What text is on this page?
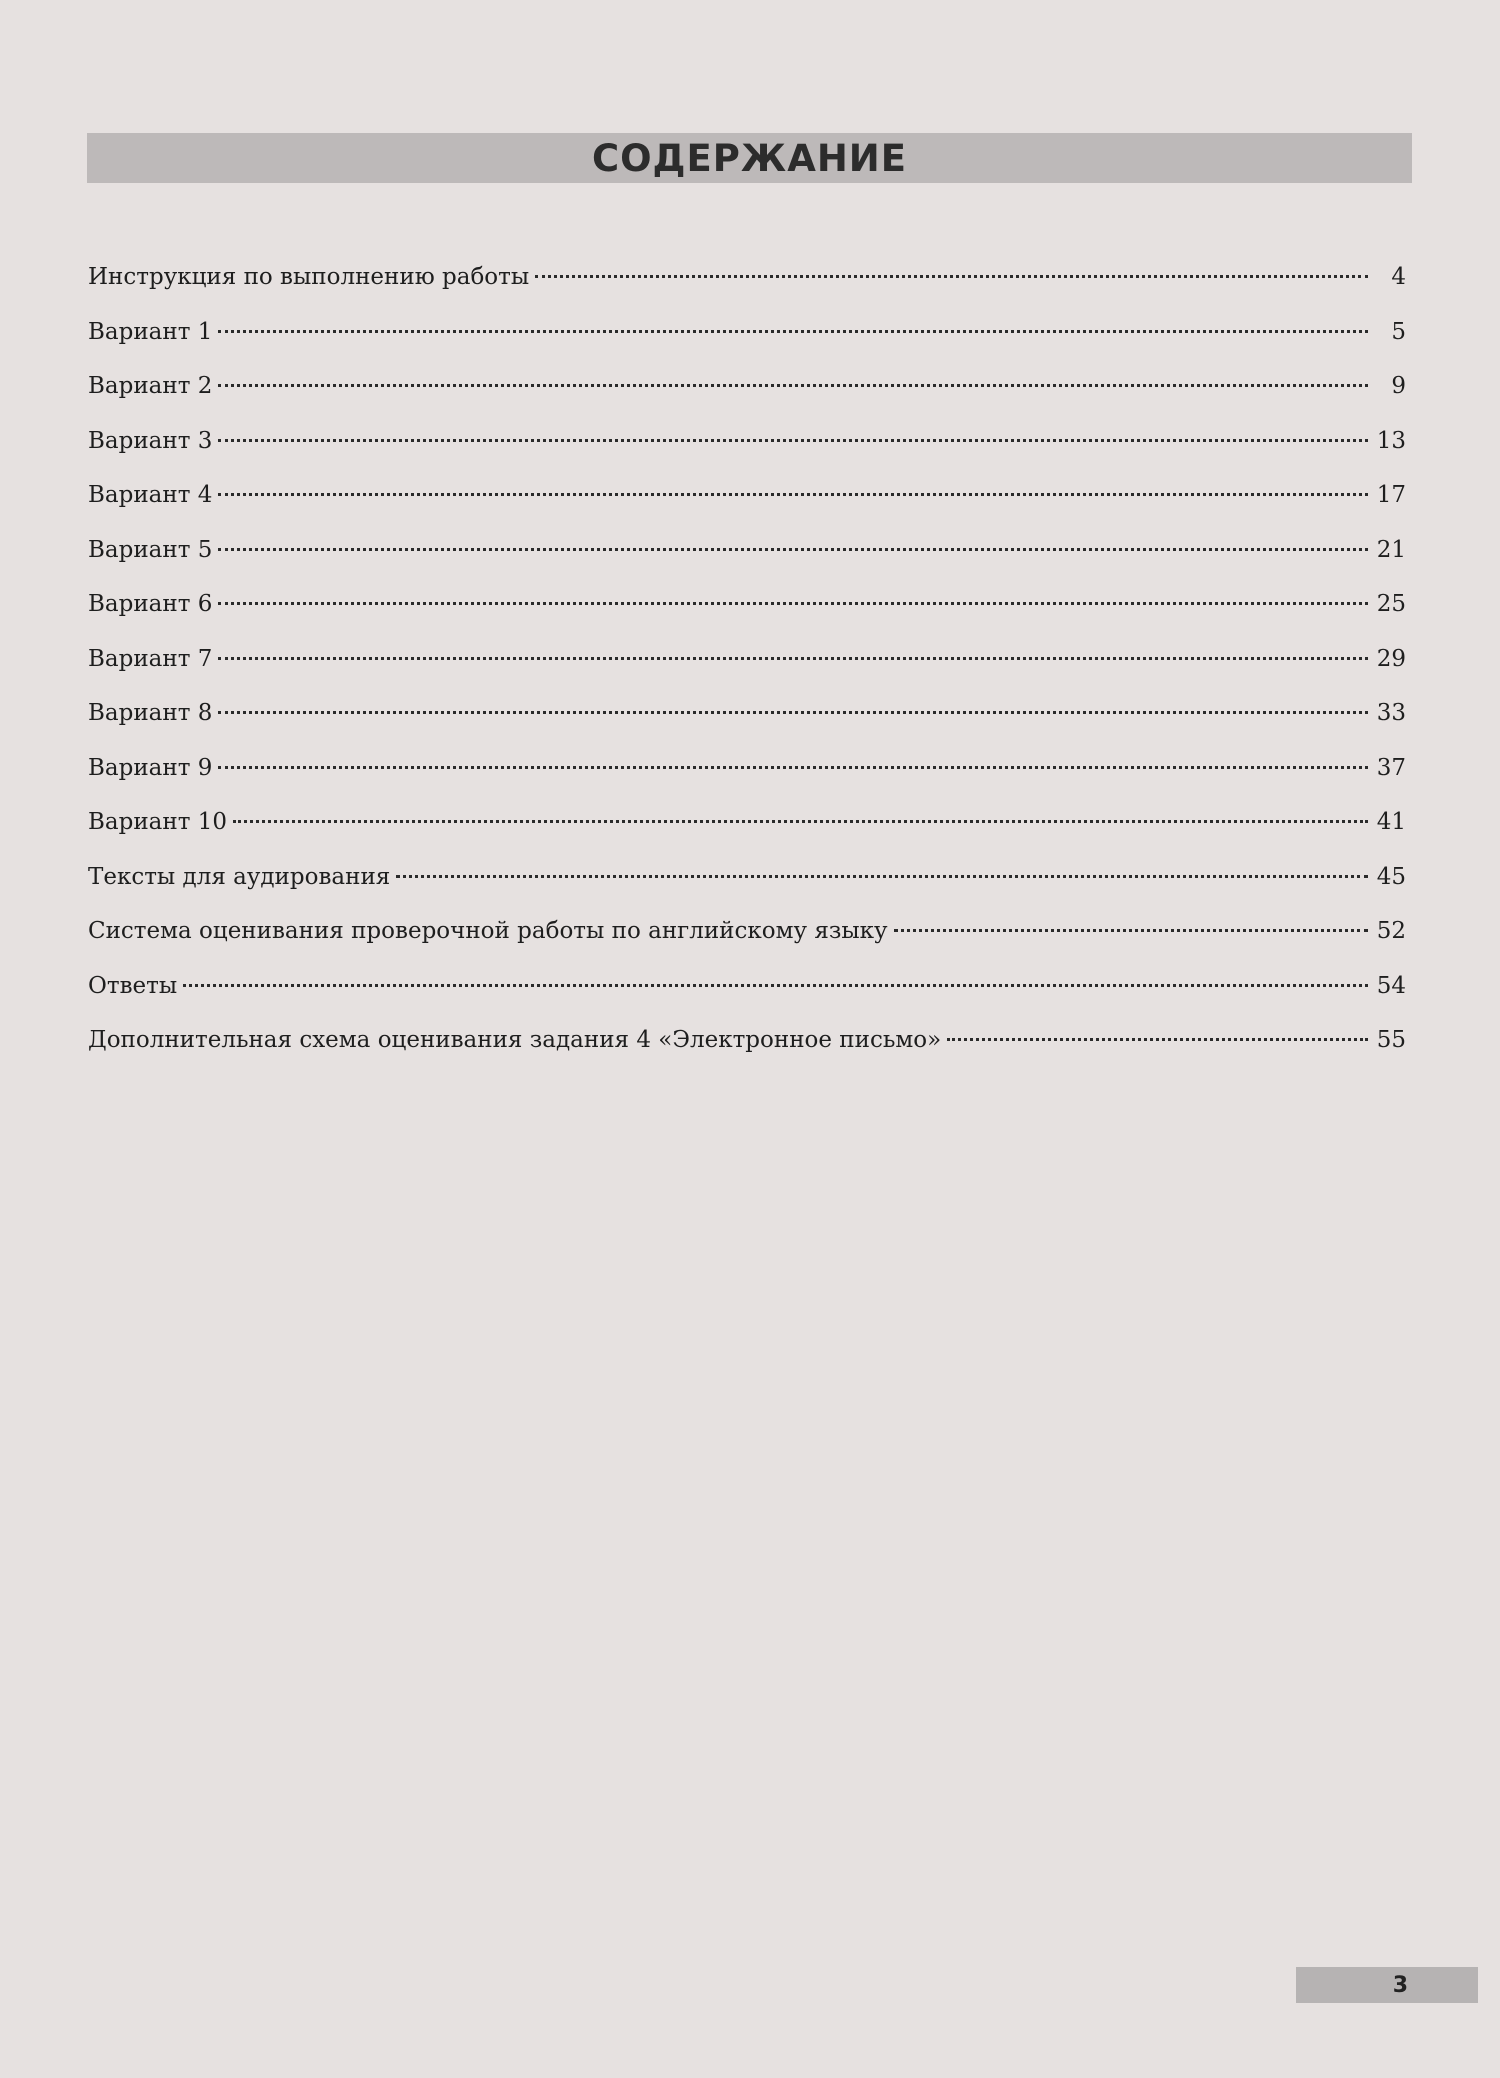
СОДЕРЖАНИЕ
Инструкция по выполнению работы	4
Вариант 1	5
Вариант 2	9
Вариант 3	13
Вариант 4	17
Вариант 5	21
Вариант 6	25
Вариант 7	29
Вариант 8	33
Вариант 9	37
Вариант 10	41
Тексты для аудирования	45
Система оценивания проверочной работы по английскому языку	52
Ответы	54
Дополнительная схема оценивания задания 4 «Электронное письмо»	55
3
